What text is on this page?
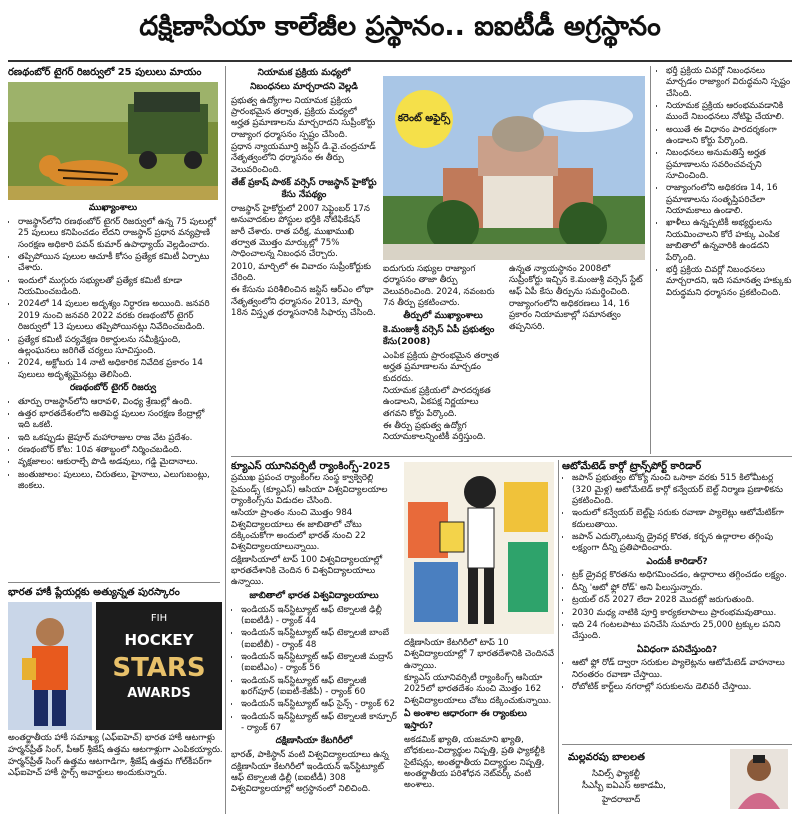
దక్షిణాసియా కాలేజీల ప్రస్థానం.. ఐఐటీడీ అగ్రస్థానం
రణథంబోర్ టైగర్ రిజర్వులో 25 పులులు మాయం
ముఖ్యాంశాలు
• రాజస్థాన్‌లోని రణథంబోర్ టైగర్ రిజర్వులో ఉన్న 75 పులుల్లో 25 పులులు కనిపించడం లేదని రాజస్థాన్ ప్రధాన వన్యప్రాణి సంరక్షణ అధికారి పవన్ కుమార్ ఉపాధ్యాయ్ వెల్లడించారు.
• తప్పిపోయిన పులుల ఆచూకీ కోసం ప్రత్యేక కమిటీ ఏర్పాటు చేశారు.
• ఇందులో ముగ్గురు సభ్యులతో ప్రత్యేక కమిటీ కూడా నియమించబడింది.
• 2024లో 14 పులుల అదృశ్యం నిర్ధారణ అయింది. జనవరి 2019 నుంచి జనవరి 2022 వరకు రణథంబోర్ టైగర్ రిజర్వులో 13 పులులు తప్పిపోయినట్లు నివేదించబడింది.
• ప్రత్యేక కమిటీ పర్యవేక్షణ రికార్డులను సమీక్షిస్తుంది, ఉల్లంఘనలు జరిగితే చర్యలు సూచిస్తుంది.
• 2024, అక్టోబరు 14 నాటి అధికారిక నివేదిక ప్రకారం 14 పులులు అదృశ్యమైనట్లు తెలిసింది.
రణథంబోర్ టైగర్ రిజర్వు
• తూర్పు రాజస్థాన్‌లోని ఆరావళి, వింధ్య శ్రేణుల్లో ఉంది.
• ఉత్తర భారతదేశంలోని అతిపెద్ద పులుల సంరక్షణ కేంద్రాల్లో ఇది ఒకటి.
• ఇది ఒకప్పుడు జైపూర్ మహారాజుల రాజ వేట ప్రదేశం.
• రణథంబోర్ కోట: 10వ శతాబ్దంలో నిర్మించబడింది.
• వృక్షజాలం: ఆకురాల్చే పొడి అడవులు, గడ్డి మైదానాలు.
• జంతుజాలం: పులులు, చిరుతలు, హైనాలు, ఎలుగుబంట్లు, జింకలు.
భారత హాకీ ప్లేయర్లకు అత్యున్నత పురస్కారం
FIH
HOCKEY
STARS
AWARDS

అంతర్జాతీయ హాకీ సమాఖ్య (ఎఫ్ఐహెచ్) భారత హాకీ ఆటగాళ్లు హర్మన్‌ప్రీత్ సింగ్, పీఆర్ శ్రీజేష్ ఉత్తమ ఆటగాళ్లుగా ఎంపికయ్యారు.

హర్మన్‌ప్రీత్ సింగ్ ఉత్తమ ఆటగాడిగా, శ్రీజేష్ ఉత్తమ గోల్‌కీపర్‌గా ఎఫ్ఐహెచ్ హాకీ స్టార్స్ అవార్డులు అందుకున్నారు.

నియామక ప్రక్రియ మధ్యలో
నిబంధనలు మార్చరాదని వెల్లడి

ప్రభుత్వ ఉద్యోగాల నియామక ప్రక్రియ ప్రారంభమైన తర్వాత, ప్రక్రియ మధ్యలో అర్హత ప్రమాణాలను మార్చరాదని సుప్రీంకోర్టు రాజ్యాంగ ధర్మాసనం స్పష్టం చేసింది.

ప్రధాన న్యాయమూర్తి జస్టిస్ డి.వై.చంద్రచూడ్ నేతృత్వంలోని ధర్మాసనం ఈ తీర్పు వెలువరించింది.

తేజ్ ప్రకాష్ పాఠక్ వర్సెస్ రాజస్థాన్ హైకోర్టు కేసు నేపథ్యం

రాజస్థాన్ హైకోర్టులో 2007 సెప్టెంబర్ 17న అనువాదకుల పోస్టుల భర్తీకి నోటిఫికేషన్ జారీ చేశారు. రాత పరీక్ష, ముఖాముఖి తర్వాత మొత్తం మార్కుల్లో 75% సాధించాలన్న నిబంధన చేర్చారు.

2010, మార్చిలో ఈ వివాదం సుప్రీంకోర్టుకు చేరింది.

ఈ కేసును పరిశీలించిన జస్టిస్ ఆర్ఎం లోథా నేతృత్వంలోని ధర్మాసనం 2013, మార్చి 18న విస్తృత ధర్మాసనానికి సిఫార్సు చేసింది.

కరెంట్ అఫైర్స్

ఐదుగురు సభ్యుల రాజ్యాంగ ధర్మాసనం తాజా తీర్పు వెలువరించింది. 2024, నవంబరు 7న తీర్పు ప్రకటించారు.

తీర్పులో ముఖ్యాంశాలు
కె.మంజుశ్రీ వర్సెస్ ఏపీ ప్రభుత్వం కేసు(2008)

ఎంపిక ప్రక్రియ ప్రారంభమైన తర్వాత అర్హత ప్రమాణాలను మార్చడం కుదరదు.

నియామక ప్రక్రియలో పారదర్శకత ఉండాలని, ఏకపక్ష నిర్ణయాలు తగవని కోర్టు పేర్కొంది.

ఈ తీర్పు ప్రభుత్వ ఉద్యోగ నియామకాలన్నింటికీ వర్తిస్తుంది.

ఉన్నత న్యాయస్థానం 2008లో సుప్రీంకోర్టు ఇచ్చిన కె.మంజుశ్రీ వర్సెస్ స్టేట్ ఆఫ్ ఏపీ కేసు తీర్పును సమర్థించింది.

రాజ్యాంగంలోని అధికరణలు 14, 16 ప్రకారం నియామకాల్లో సమానత్వం తప్పనిసరి.

• భర్తీ ప్రక్రియ చివర్లో నిబంధనలు మార్చడం రాజ్యాంగ విరుద్ధమని స్పష్టం చేసింది.
• నియామక ప్రక్రియ ఆరంభమవడానికి ముందే నిబంధనలు నోటిఫై చేయాలి.
• అయితే ఈ విధానం పారదర్శకంగా ఉండాలని కోర్టు పేర్కొంది.
• నిబంధనలు అనుమతిస్తే అర్హత ప్రమాణాలను సవరించవచ్చని సూచించింది.
• రాజ్యాంగంలోని అధికరణ 14, 16 ప్రమాణాలను సంతృప్తిపరిచేలా నియామకాలు ఉండాలి.
• ఖాళీలు ఉన్నప్పటికీ అభ్యర్థులను నియమించాలని కోరే హక్కు ఎంపిక జాబితాలో ఉన్నవారికి ఉండదని పేర్కొంది.
• భర్తీ ప్రక్రియ చివర్లో నిబంధనలు మార్చరాదని, ఇది సమానత్వ హక్కుకు విరుద్ధమని ధర్మాసనం ప్రకటించింది.
క్యూఎస్ యూనివర్సిటీ ర్యాంకింగ్స్-2025

ప్రముఖ ప్రపంచ ర్యాంకింగ్‌ల సంస్థ క్వాక్వెరెల్లి సైమండ్స్ (క్యూఎస్) ఆసియా విశ్వవిద్యాలయాల ర్యాంకింగ్స్‌ను విడుదల చేసింది.

ఆసియా ప్రాంతం నుంచి మొత్తం 984 విశ్వవిద్యాలయాలు ఈ జాబితాలో చోటు దక్కించుకోగా అందులో భారత్ నుంచి 22 విశ్వవిద్యాలయాలున్నాయి.

దక్షిణాసియాలో టాప్ 100 విశ్వవిద్యాలయాల్లో భారతదేశానికి చెందిన 6 విశ్వవిద్యాలయాలు ఉన్నాయి.

జాబితాలో భారత విశ్వవిద్యాలయాలు
• ఇండియన్ ఇన్‌స్టిట్యూట్ ఆఫ్ టెక్నాలజీ ఢిల్లీ (ఐఐటీడీ) - ర్యాంక్ 44
• ఇండియన్ ఇన్‌స్టిట్యూట్ ఆఫ్ టెక్నాలజీ బాంబే (ఐఐటీబీ) - ర్యాంక్ 48
• ఇండియన్ ఇన్‌స్టిట్యూట్ ఆఫ్ టెక్నాలజీ మద్రాస్ (ఐఐటీఎం) - ర్యాంక్ 56
• ఇండియన్ ఇన్‌స్టిట్యూట్ ఆఫ్ టెక్నాలజీ ఖరగ్‌పూర్ (ఐఐటీ-కేజీపీ) - ర్యాంక్ 60
• ఇండియన్ ఇన్‌స్టిట్యూట్ ఆఫ్ సైన్స్ - ర్యాంక్ 62
• ఇండియన్ ఇన్‌స్టిట్యూట్ ఆఫ్ టెక్నాలజీ కాన్పూర్ - ర్యాంక్ 67
దక్షిణాసియా కేటగిరీలో

భారత్, పాకిస్థాన్ వంటి విశ్వవిద్యాలయాలు ఉన్న దక్షిణాసియా కేటగిరీలో ఇండియన్ ఇన్‌స్టిట్యూట్ ఆఫ్ టెక్నాలజీ ఢిల్లీ (ఐఐటీడీ) 308 విశ్వవిద్యాలయాల్లో అగ్రస్థానంలో నిలిచింది.

దక్షిణాసియా కేటగిరీలో టాప్ 10 విశ్వవిద్యాలయాల్లో 7 భారతదేశానికి చెందినవే ఉన్నాయి.

క్యూఎస్ యూనివర్సిటీ ర్యాంకింగ్స్ ఆసియా 2025లో భారతదేశం నుంచి మొత్తం 162 విశ్వవిద్యాలయాలు చోటు దక్కించుకున్నాయి.

ఏ అంశాల ఆధారంగా ఈ ర్యాంకులు ఇస్తారు?

అకడమిక్ ఖ్యాతి, యజమాని ఖ్యాతి, బోధకులు-విద్యార్థుల నిష్పత్తి, ప్రతి ఫ్యాకల్టీకి సైటేషన్లు, అంతర్జాతీయ విద్యార్థుల నిష్పత్తి, అంతర్జాతీయ పరిశోధన నెట్‌వర్క్ వంటి అంశాలు.

ఆటోమేటెడ్ కార్గో ట్రాన్స్‌పోర్ట్ కారిడార్
• జపాన్ ప్రభుత్వం టోక్యో నుంచి ఒసాకా వరకు 515 కిలోమీటర్ల (320 మైళ్ల) ఆటోమేటెడ్ కార్గో కన్వేయర్ బెల్ట్ నిర్మాణ ప్రణాళికను ప్రకటించింది.
• ఇందులో కన్వేయర్ బెల్ట్‌పై సరుకు రవాణా ప్యాలెట్లు ఆటోమేటిక్‌గా కదులుతాయి.
• జపాన్ ఎదుర్కొంటున్న డ్రైవర్ల కొరత, కర్బన ఉద్గారాల తగ్గింపు లక్ష్యంగా దీన్ని ప్రతిపాదించారు.
ఎందుకీ కారిడార్?
• ట్రక్ డ్రైవర్ల కొరతను అధిగమించడం, ఉద్గారాలు తగ్గించడం లక్ష్యం.
• దీన్ని 'ఆటో ఫ్లో రోడ్' అని పిలుస్తున్నారు.
• ట్రయల్ రన్ 2027 లేదా 2028 మొదట్లో జరుగుతుంది.
• 2030 మధ్య నాటికి పూర్తి కార్యకలాపాలు ప్రారంభమవుతాయి.
• ఇది 24 గంటలపాటు పనిచేసి సుమారు 25,000 ట్రక్కుల పనిని చేస్తుంది.
ఏవిధంగా పనిచేస్తుంది?
• ఆటో ఫ్లో రోడ్ ద్వారా సరుకుల ప్యాలెట్లను ఆటోమేటెడ్ వాహనాలు నిరంతరం రవాణా చేస్తాయి.
• రోబోటిక్ కార్ట్‌లు నగరాల్లో సరుకులను డెలివరీ చేస్తాయి.
మల్లవరపు బాలలత
సివిల్స్ ఫ్యాకల్టీ
సీఎస్బీ ఐఏఎస్ అకాడమీ,
హైదరాబాద్
